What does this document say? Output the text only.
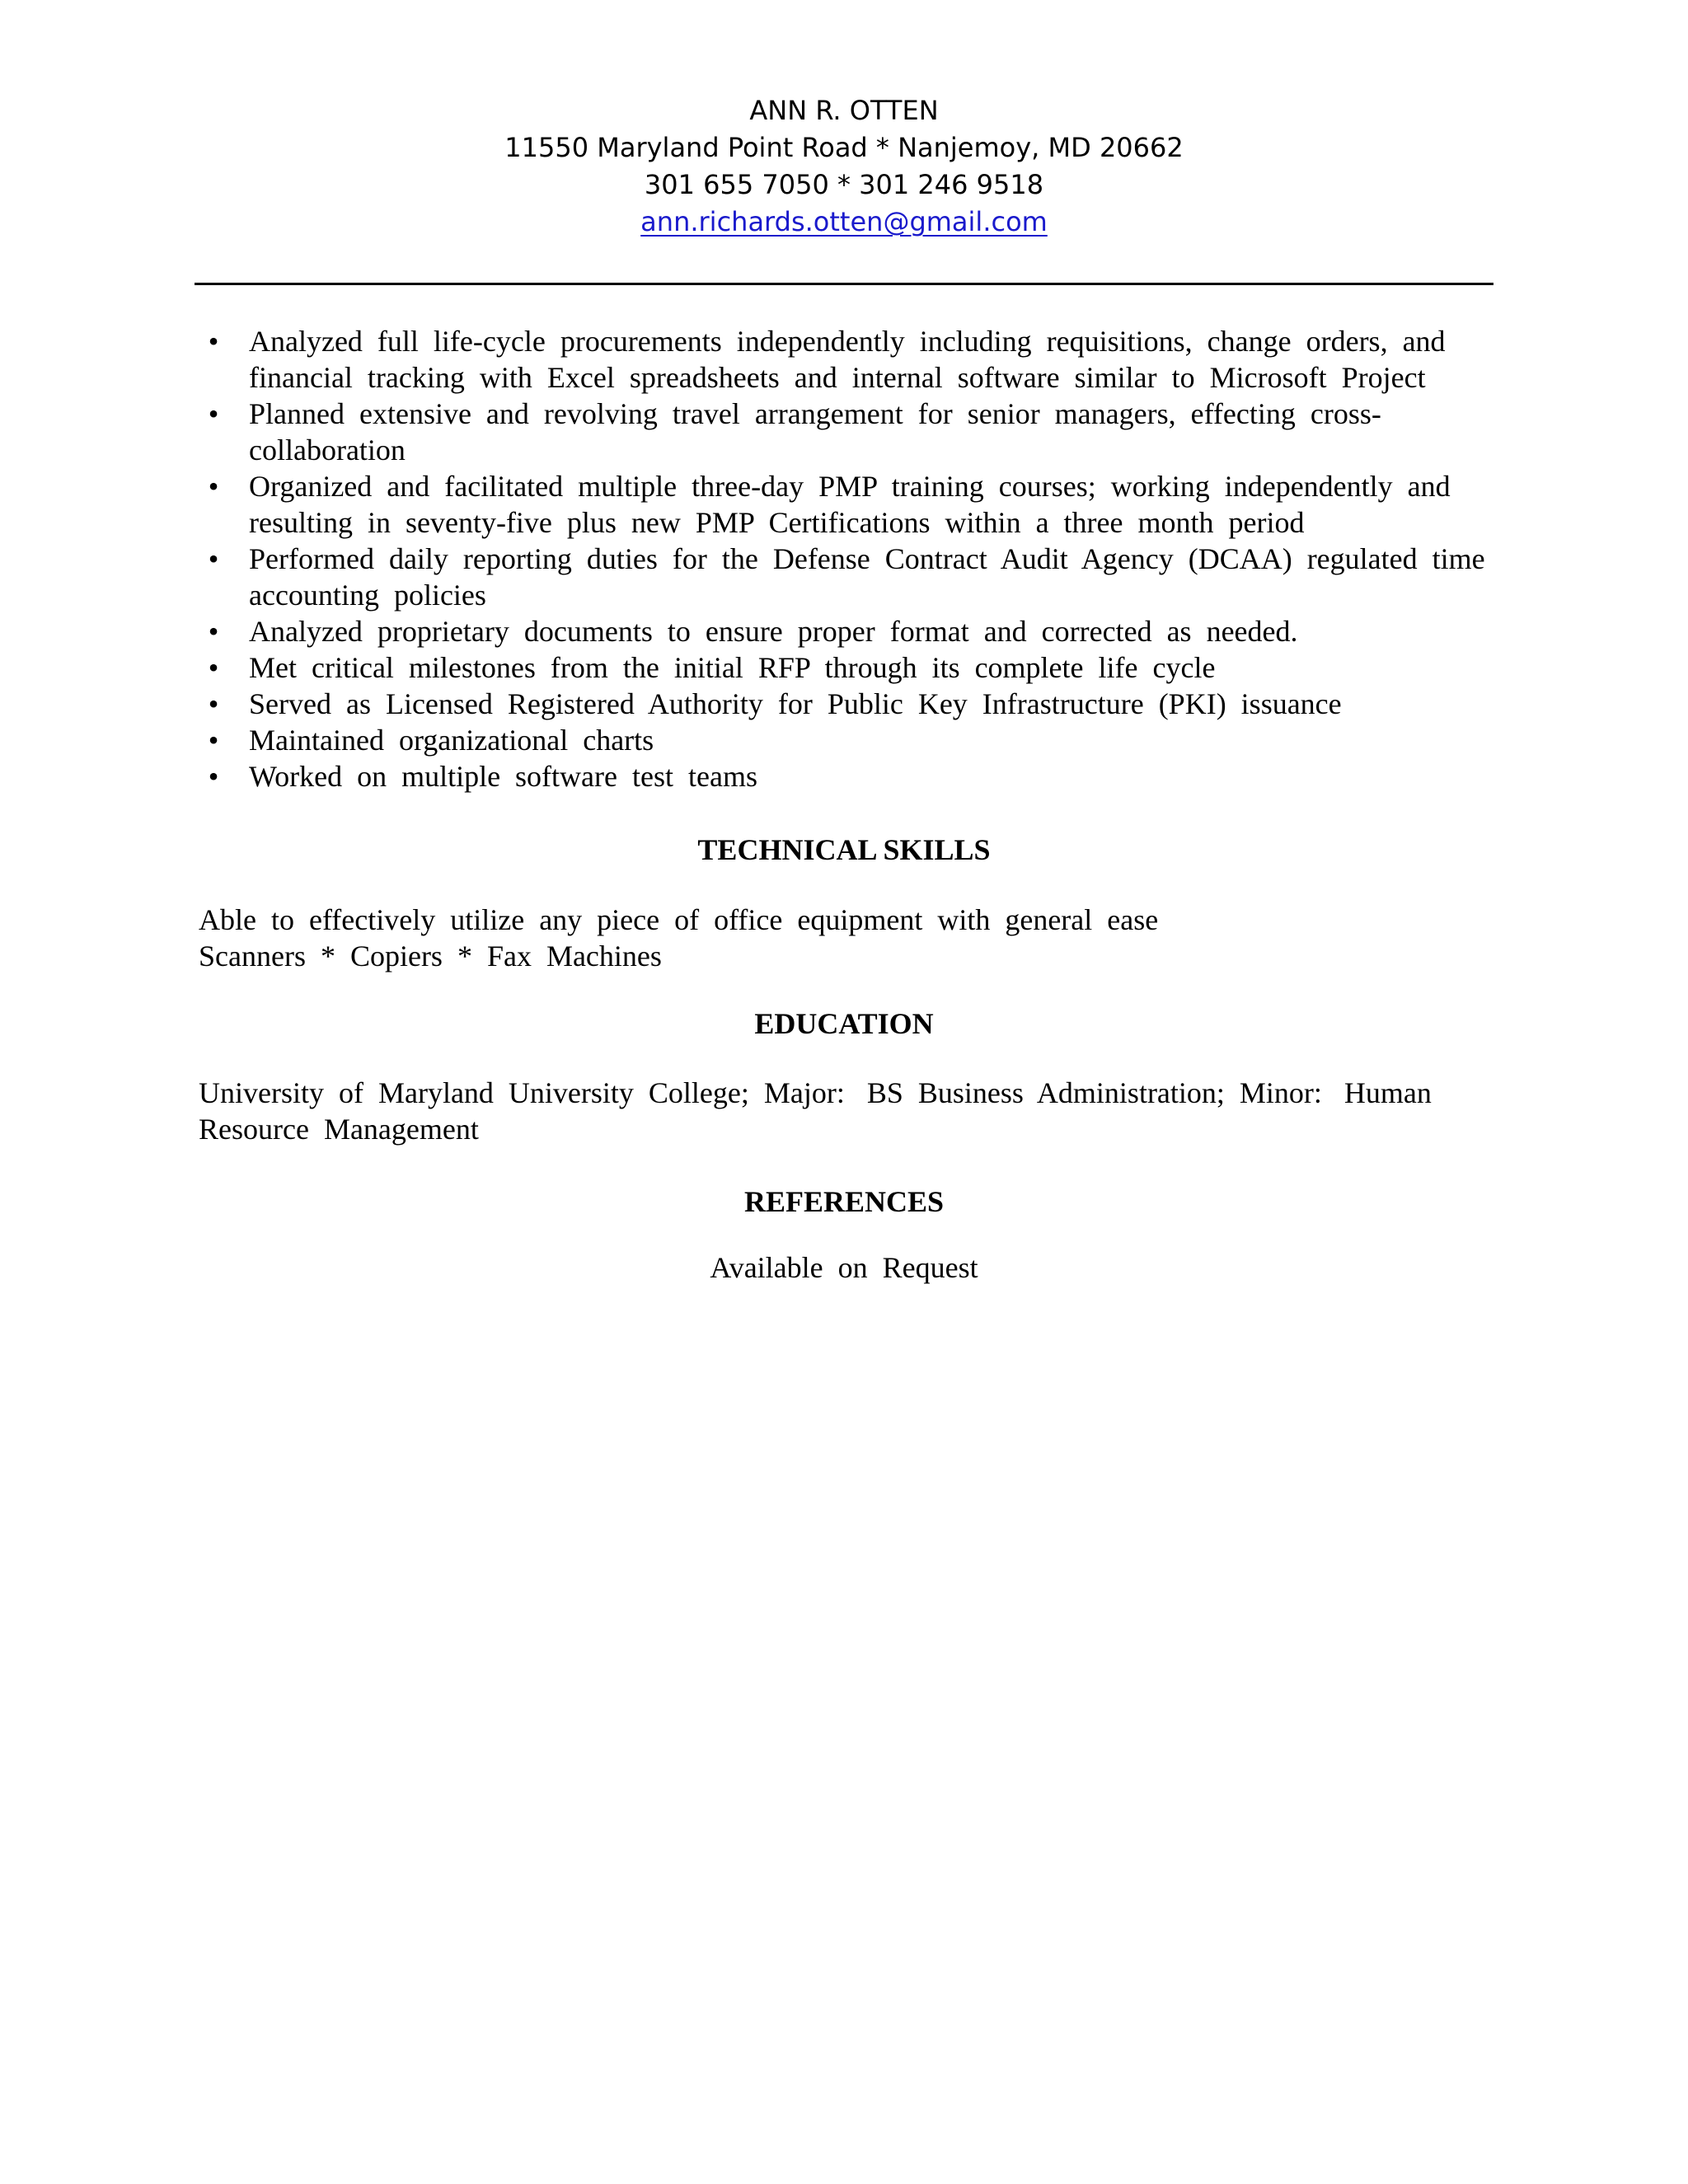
ANN R. OTTEN
11550 Maryland Point Road * Nanjemoy, MD 20662
301 655 7050 * 301 246 9518
ann.richards.otten@gmail.com
• Analyzed  full  life-cycle  procurements  independently  including  requisitions,  change  orders,  and
financial  tracking  with  Excel  spreadsheets  and  internal  software  similar  to  Microsoft  Project
• Planned  extensive  and  revolving  travel  arrangement  for  senior  managers,  effecting  cross-
collaboration
• Organized  and  facilitated  multiple  three-day  PMP  training  courses;  working  independently  and
resulting  in  seventy-five  plus  new  PMP  Certifications  within  a  three  month  period
• Performed  daily  reporting  duties  for  the  Defense  Contract  Audit  Agency  (DCAA)  regulated  time
accounting  policies
• Analyzed  proprietary  documents  to  ensure  proper  format  and  corrected  as  needed.
• Met  critical  milestones  from  the  initial  RFP  through  its  complete  life  cycle
• Served  as  Licensed  Registered  Authority  for  Public  Key  Infrastructure  (PKI)  issuance
• Maintained  organizational  charts
• Worked  on  multiple  software  test  teams
TECHNICAL SKILLS
Able  to  effectively  utilize  any  piece  of  office  equipment  with  general  ease
Scanners  *  Copiers  *  Fax  Machines
EDUCATION
University  of  Maryland  University  College;  Major:   BS  Business  Administration;  Minor:   Human
Resource  Management
REFERENCES
Available  on  Request
